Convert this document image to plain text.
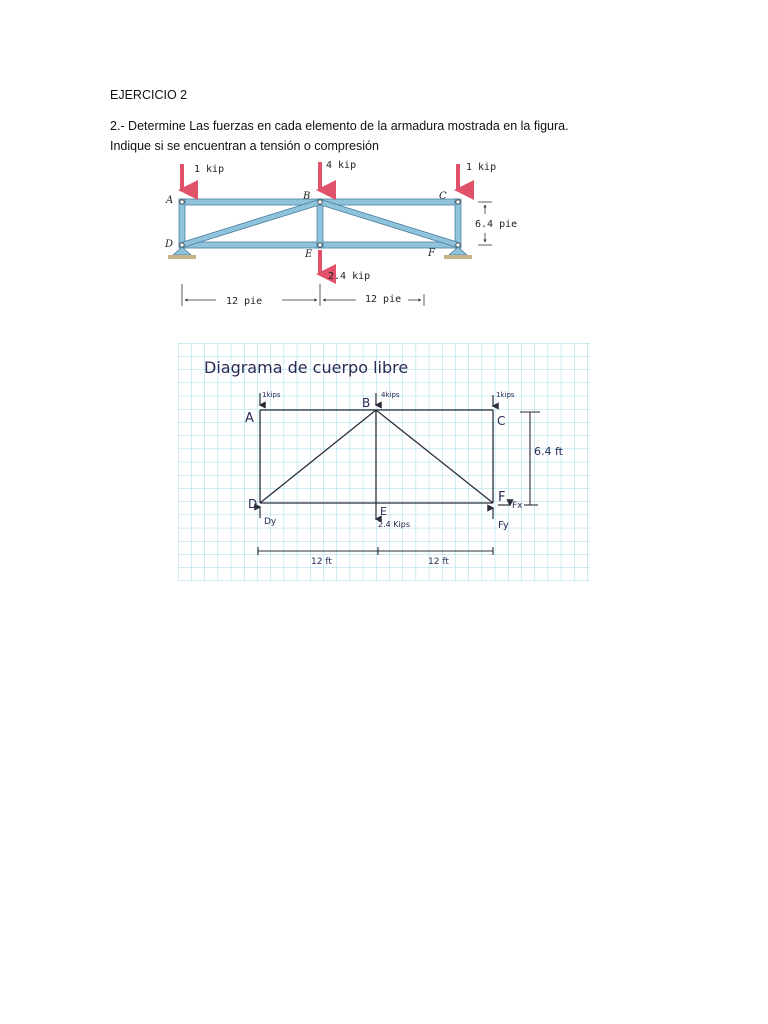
EJERCICIO 2
2.- Determine Las fuerzas en cada elemento de la armadura mostrada en la figura.
Indique si se encuentran a tensión o compresión
1 kip	4 kip	1 kip
2.4 kip
A	B	C
D
E	F
6.4 pie
12 pie	12 pie
Diagrama de cuerpo libre
1kips	4kips	1kips
2.4 Kips
A
B
C
D
E
F
Dy
Fx
Fy
6.4 ft
12 ft	12 ft
